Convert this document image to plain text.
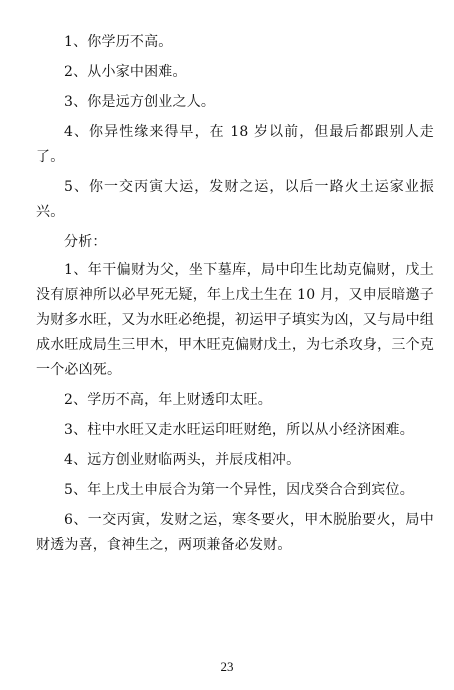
1、你学历不高。

2、从小家中困难。

3、你是远方创业之人。

4、你异性缘来得早，在 18 岁以前，但最后都跟别人走了。

5、你一交丙寅大运，发财之运，以后一路火土运家业振兴。

分析：

1、年干偏财为父，坐下墓库，局中印生比劫克偏财，戊土没有原神所以必早死无疑，年上戊土生在 10 月，又申辰暗邀子为财多水旺，又为水旺必绝提，初运甲子填实为凶，又与局中组成水旺成局生三甲木，甲木旺克偏财戊土，为七杀攻身，三个克一个必凶死。

2、学历不高，年上财透印太旺。

3、柱中水旺又走水旺运印旺财绝，所以从小经济困难。

4、远方创业财临两头，并辰戌相冲。

5、年上戊土申辰合为第一个异性，因戊癸合合到宾位。

6、一交丙寅，发财之运，寒冬要火，甲木脱胎要火，局中财透为喜，食神生之，两项兼备必发财。

23
